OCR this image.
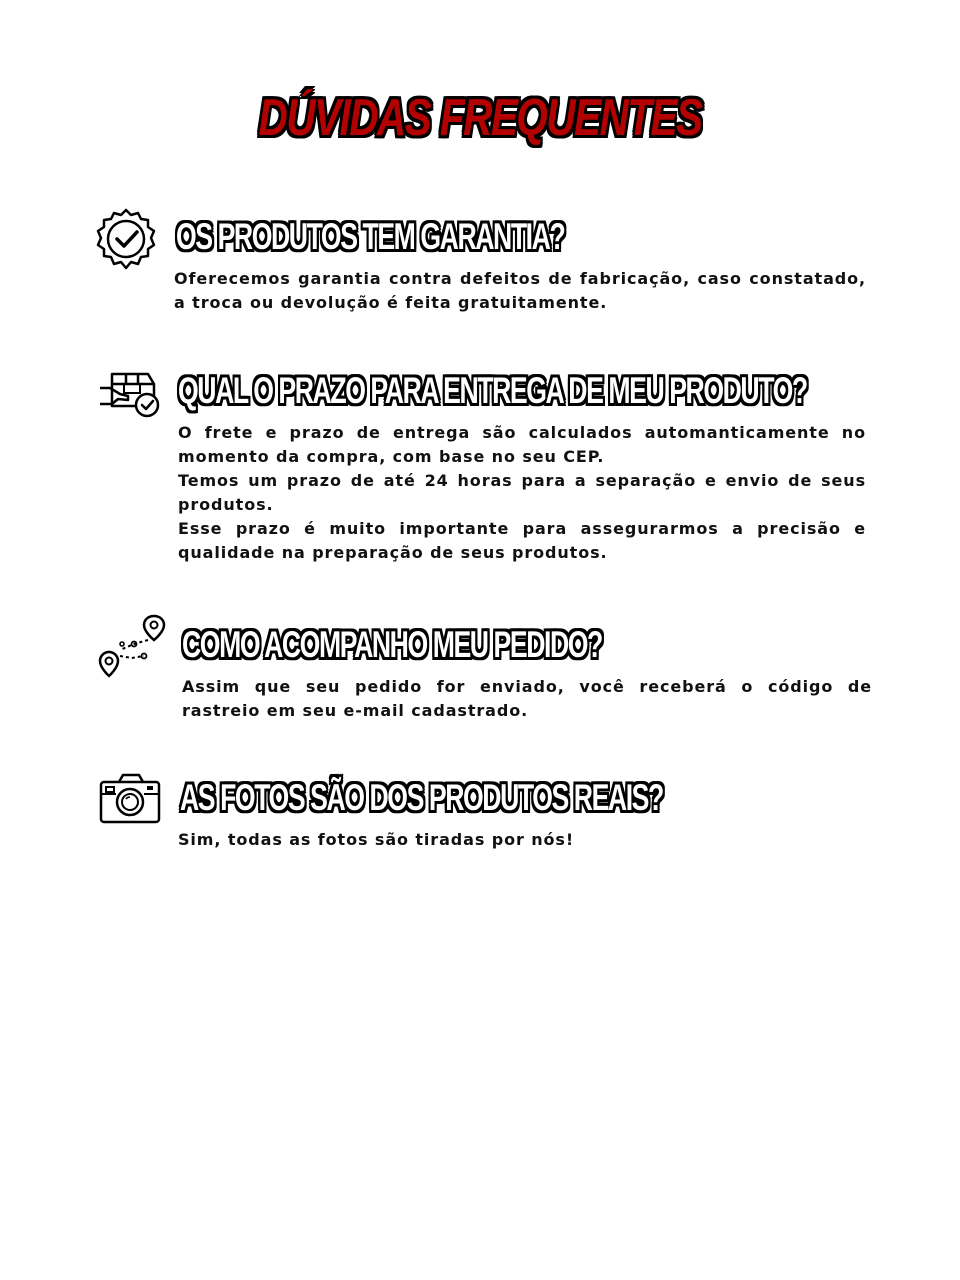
DÚVIDAS FREQUENTES
OS PRODUTOS TEM GARANTIA?

Oferecemos garantia contra defeitos de fabricação, caso constatado, a troca ou devolução é feita gratuitamente.

QUAL O PRAZO PARA ENTREGA DE MEU PRODUTO?

O frete e prazo de entrega são calculados automanticamente no momento da compra, com base no seu CEP.

Temos um prazo de até 24 horas para a separação e envio de seus produtos.

Esse prazo é muito importante para assegurarmos a precisão e qualidade na preparação de seus produtos.

COMO ACOMPANHO MEU PEDIDO?

Assim que seu pedido for enviado, você receberá o código de rastreio em seu e-mail cadastrado.

AS FOTOS SÃO DOS PRODUTOS REAIS?

Sim, todas as fotos são tiradas por nós!
